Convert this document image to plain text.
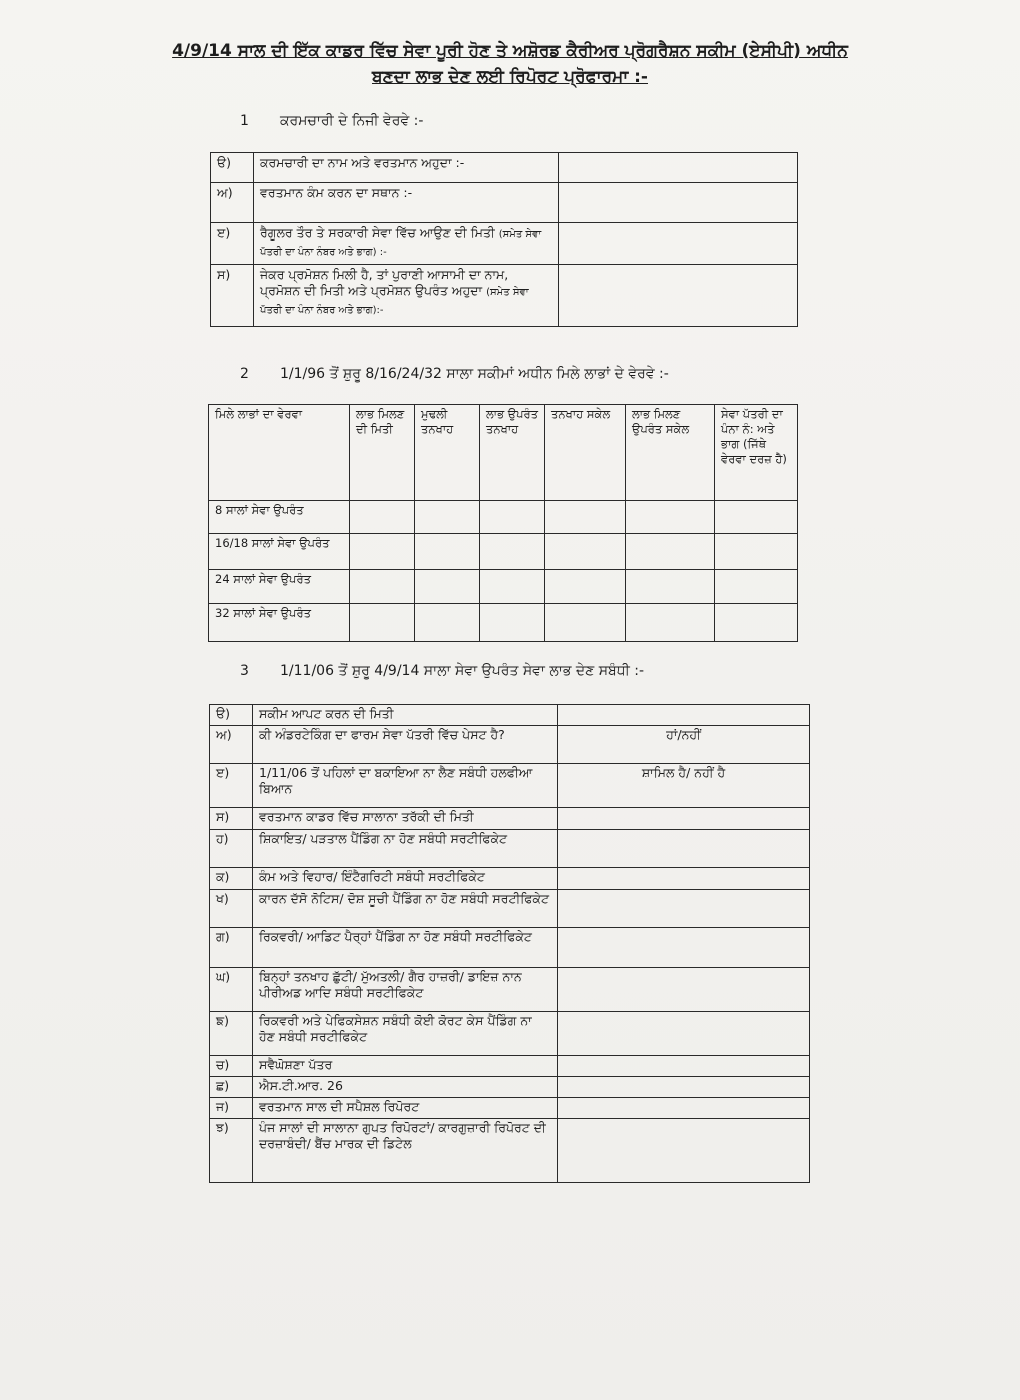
4/9/14 ਸਾਲ ਦੀ ਇੱਕ ਕਾਡਰ ਵਿੱਚ ਸੇਵਾ ਪੂਰੀ ਹੋਣ ਤੇ ਅਸ਼ੋਰਡ ਕੈਰੀਅਰ ਪ੍ਰੋਗਰੈਸ਼ਨ ਸਕੀਮ (ਏਸੀਪੀ) ਅਧੀਨ ਬਣਦਾ ਲਾਭ ਦੇਣ ਲਈ ਰਿਪੋਰਟ ਪ੍ਰੋਫਾਰਮਾ :-
1 ਕਰਮਚਾਰੀ ਦੇ ਨਿਜੀ ਵੇਰਵੇ :-
ੳ)	ਕਰਮਚਾਰੀ ਦਾ ਨਾਮ ਅਤੇ ਵਰਤਮਾਨ ਅਹੁਦਾ :-	
ਅ)	ਵਰਤਮਾਨ ਕੰਮ ਕਰਨ ਦਾ ਸਥਾਨ :-	
ੲ)	ਰੈਗੂਲਰ ਤੌਰ ਤੇ ਸਰਕਾਰੀ ਸੇਵਾ ਵਿੱਚ ਆਉਣ ਦੀ ਮਿਤੀ (ਸਮੇਤ ਸੇਵਾ ਪੱਤਰੀ ਦਾ ਪੰਨਾ ਨੰਬਰ ਅਤੇ ਭਾਗ) :-	
ਸ)	ਜੇਕਰ ਪ੍ਰਮੋਸ਼ਨ ਮਿਲੀ ਹੈ, ਤਾਂ ਪੁਰਾਣੀ ਆਸਾਮੀ ਦਾ ਨਾਮ, ਪ੍ਰਮੋਸ਼ਨ ਦੀ ਮਿਤੀ ਅਤੇ ਪ੍ਰਮੋਸ਼ਨ ਉਪਰੰਤ ਅਹੁਦਾ (ਸਮੇਤ ਸੇਵਾ ਪੱਤਰੀ ਦਾ ਪੰਨਾ ਨੰਬਰ ਅਤੇ ਭਾਗ):-	
2 1/1/96 ਤੋਂ ਸ਼ੁਰੂ 8/16/24/32 ਸਾਲਾ ਸਕੀਮਾਂ ਅਧੀਨ ਮਿਲੇ ਲਾਭਾਂ ਦੇ ਵੇਰਵੇ :-
ਮਿਲੇ ਲਾਭਾਂ ਦਾ ਵੇਰਵਾ	ਲਾਭ ਮਿਲਣ ਦੀ ਮਿਤੀ	ਮੁਢਲੀ ਤਨਖਾਹ	ਲਾਭ ਉਪਰੰਤ ਤਨਖਾਹ	ਤਨਖਾਹ ਸਕੇਲ	ਲਾਭ ਮਿਲਣ ਉਪਰੰਤ ਸਕੇਲ	ਸੇਵਾ ਪੱਤਰੀ ਦਾ ਪੰਨਾ ਨੰ: ਅਤੇ ਭਾਗ (ਜਿੱਥੇ ਵੇਰਵਾ ਦਰਜ਼ ਹੈ)
8 ਸਾਲਾਂ ਸੇਵਾ ਉਪਰੰਤ						
16/18 ਸਾਲਾਂ ਸੇਵਾ ਉਪਰੰਤ						
24 ਸਾਲਾਂ ਸੇਵਾ ਉਪਰੰਤ						
32 ਸਾਲਾਂ ਸੇਵਾ ਉਪਰੰਤ						
3 1/11/06 ਤੋਂ ਸ਼ੁਰੂ 4/9/14 ਸਾਲਾ ਸੇਵਾ ਉਪਰੰਤ ਸੇਵਾ ਲਾਭ ਦੇਣ ਸਬੰਧੀ :-
ੳ)	ਸਕੀਮ ਆਪਟ ਕਰਨ ਦੀ ਮਿਤੀ	
ਅ)	ਕੀ ਅੰਡਰਟੇਕਿੰਗ ਦਾ ਫਾਰਮ ਸੇਵਾ ਪੱਤਰੀ ਵਿੱਚ ਪੇਸਟ ਹੈ?	ਹਾਂ/ਨਹੀਂ
ੲ)	1/11/06 ਤੋਂ ਪਹਿਲਾਂ ਦਾ ਬਕਾਇਆ ਨਾ ਲੈਣ ਸਬੰਧੀ ਹਲਫੀਆ ਬਿਆਨ	ਸ਼ਾਮਿਲ ਹੈ/ ਨਹੀਂ ਹੈ
ਸ)	ਵਰਤਮਾਨ ਕਾਡਰ ਵਿੱਚ ਸਾਲਾਨਾ ਤਰੱਕੀ ਦੀ ਮਿਤੀ	
ਹ)	ਸ਼ਿਕਾਇਤ/ ਪੜਤਾਲ ਪੈਂਡਿੰਗ ਨਾ ਹੋਣ ਸਬੰਧੀ ਸਰਟੀਫਿਕੇਟ	
ਕ)	ਕੰਮ ਅਤੇ ਵਿਹਾਰ/ ਇੰਟੈਗਰਿਟੀ ਸਬੰਧੀ ਸਰਟੀਫਿਕੇਟ	
ਖ)	ਕਾਰਨ ਦੱਸੋ ਨੋਟਿਸ/ ਦੋਸ਼ ਸੂਚੀ ਪੈਂਡਿੰਗ ਨਾ ਹੋਣ ਸਬੰਧੀ ਸਰਟੀਫਿਕੇਟ	
ਗ)	ਰਿਕਵਰੀ/ ਆਡਿਟ ਪੈਰ੍ਹਾਂ ਪੈਂਡਿੰਗ ਨਾ ਹੋਣ ਸਬੰਧੀ ਸਰਟੀਫਿਕੇਟ	
ਘ)	ਬਿਨ੍ਹਾਂ ਤਨਖਾਹ ਛੁੱਟੀ/ ਮੁੱਅਤਲੀ/ ਗੈਰ ਹਾਜ਼ਰੀ/ ਡਾਇਜ਼ ਨਾਨ ਪੀਰੀਅਡ ਆਦਿ ਸਬੰਧੀ ਸਰਟੀਫਿਕੇਟ	
ਙ)	ਰਿਕਵਰੀ ਅਤੇ ਪੇਫਿਕਸੇਸ਼ਨ ਸਬੰਧੀ ਕੋਈ ਕੋਰਟ ਕੇਸ ਪੈਂਡਿੰਗ ਨਾ ਹੋਣ ਸਬੰਧੀ ਸਰਟੀਫਿਕੇਟ	
ਚ)	ਸਵੈਘੋਸ਼ਣਾ ਪੱਤਰ	
ਛ)	ਐਸ.ਟੀ.ਆਰ. 26	
ਜ)	ਵਰਤਮਾਨ ਸਾਲ ਦੀ ਸਪੈਸ਼ਲ ਰਿਪੋਰਟ	
ਝ)	ਪੰਜ ਸਾਲਾਂ ਦੀ ਸਾਲਾਨਾ ਗੁਪਤ ਰਿਪੋਰਟਾਂ/ ਕਾਰਗੁਜ਼ਾਰੀ ਰਿਪੋਰਟ ਦੀ ਦਰਜ਼ਾਬੰਦੀ/ ਬੈਂਚ ਮਾਰਕ ਦੀ ਡਿਟੇਲ	
